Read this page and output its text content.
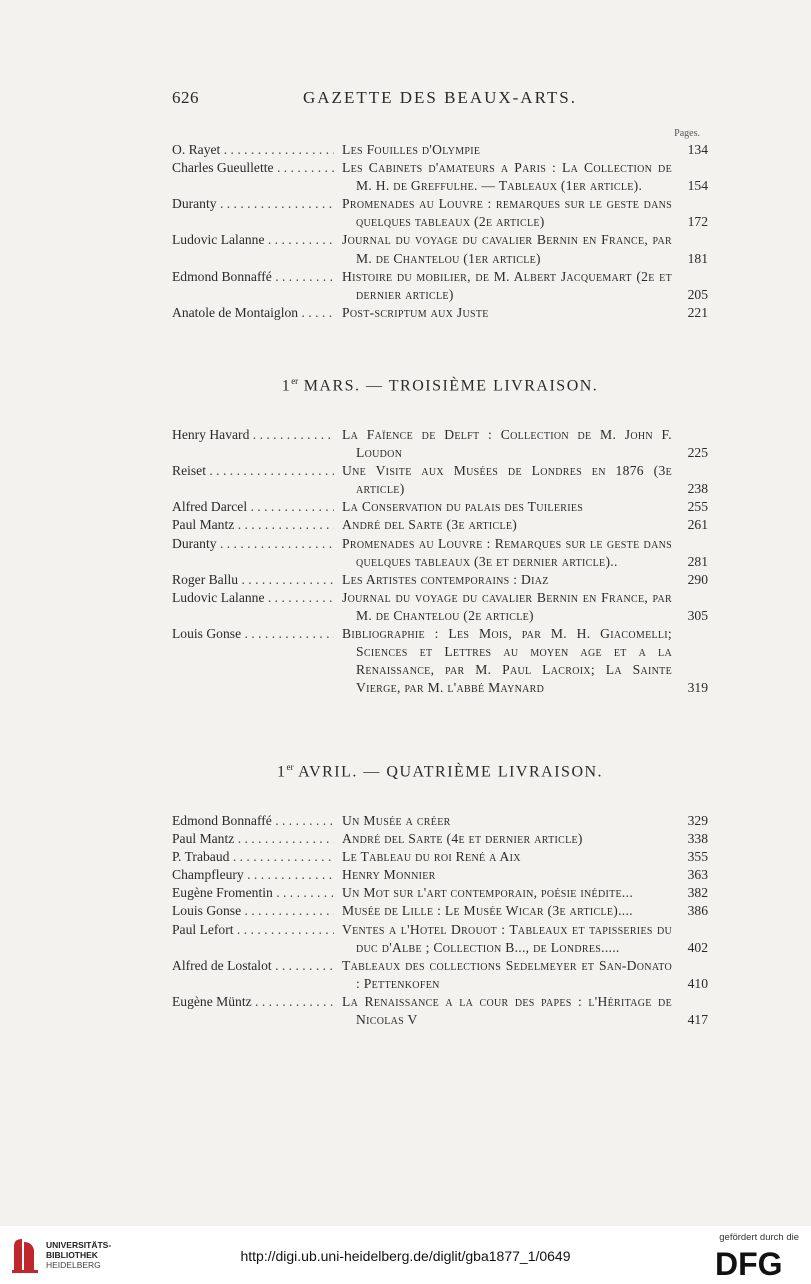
626	GAZETTE DES BEAUX-ARTS.
Pages.
O. Rayet . . .	Les Fouilles d'Olympie	134
Charles Gueullette . . .	Les Cabinets d'amateurs a Paris : La Collection de M. H. de Greffulhe. — Tableaux (1er article).	154
Duranty . . .	Promenades au Louvre : remarques sur le geste dans quelques tableaux (2e article)	172
Ludovic Lalanne . . .	Journal du voyage du cavalier Bernin en France, par M. de Chantelou (1er article)	181
Edmond Bonnaffé . . .	Histoire du mobilier, de M. Albert Jacquemart (2e et dernier article)	205
Anatole de Montaiglon . . .	Post-scriptum aux Juste	221
1er MARS. — TROISIÈME LIVRAISON.
Henry Havard . . .	La Faïence de Delft : Collection de M. John F. Loudon	225
Reiset . . .	Une Visite aux Musées de Londres en 1876 (3e article)	238
Alfred Darcel . . .	La Conservation du palais des Tuileries	255
Paul Mantz . . .	André del Sarte (3e article)	261
Duranty . . .	Promenades au Louvre : Remarques sur le geste dans quelques tableaux (3e et dernier article)..	281
Roger Ballu . . .	Les Artistes contemporains : Diaz	290
Ludovic Lalanne . . .	Journal du voyage du cavalier Bernin en France, par M. de Chantelou (2e article)	305
Louis Gonse . . .	Bibliographie : Les Mois, par M. H. Giacomelli; Sciences et Lettres au moyen age et a la Renaissance, par M. Paul Lacroix; La Sainte Vierge, par M. l'abbé Maynard	319
1er AVRIL. — QUATRIÈME LIVRAISON.
Edmond Bonnaffé . . .	Un Musée a créer	329
Paul Mantz . . .	André del Sarte (4e et dernier article)	338
P. Trabaud . . .	Le Tableau du roi René a Aix	355
Champfleury . . .	Henry Monnier	363
Eugène Fromentin . . .	Un Mot sur l'art contemporain, poésie inédite...	382
Louis Gonse . . .	Musée de Lille : Le Musée Wicar (3e article)....	386
Paul Lefort . . .	Ventes a l'Hotel Drouot : Tableaux et tapisseries du duc d'Albe ; Collection B..., de Londres.....	402
Alfred de Lostalot . . .	Tableaux des collections Sedelmeyer et San-Donato : Pettenkofen	410
Eugène Müntz . . .	La Renaissance a la cour des papes : l'Héritage de Nicolas V	417
UNIVERSITÄTS-
BIBLIOTHEK
HEIDELBERG
http://digi.ub.uni-heidelberg.de/diglit/gba1877_1/0649
gefördert durch die
DFG
